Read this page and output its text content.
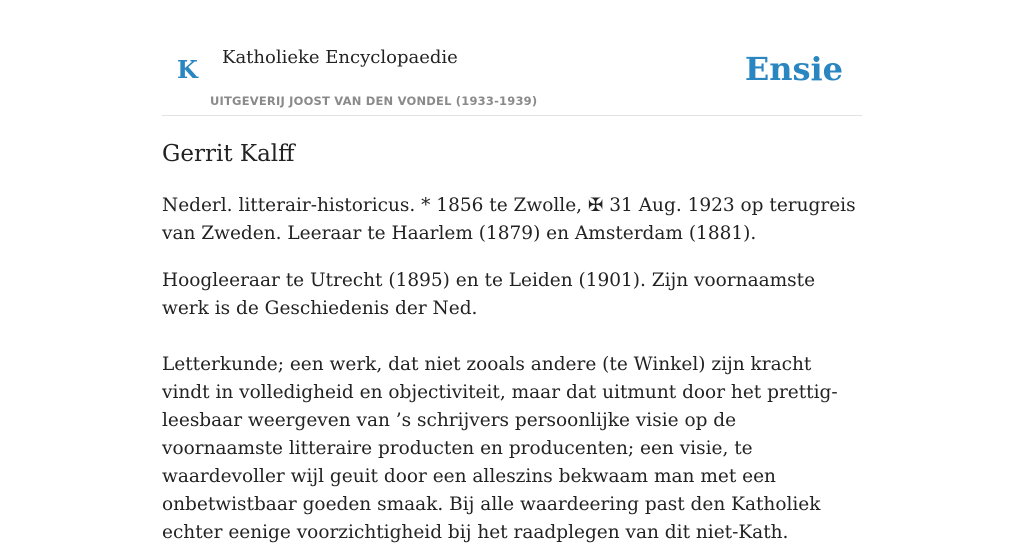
K Katholieke Encyclopaedie
UITGEVERIJ JOOST VAN DEN VONDEL (1933-1939)
Ensie
Gerrit Kalff

Nederl. litterair-historicus. * 1856 te Zwolle, ✠ 31 Aug. 1923 op terugreis van Zweden. Leeraar te Haarlem (1879) en Amsterdam (1881).

Hoogleeraar te Utrecht (1895) en te Leiden (1901). Zijn voornaamste werk is de Geschiedenis der Ned.

Letterkunde; een werk, dat niet zooals andere (te Winkel) zijn kracht vindt in volledigheid en objectiviteit, maar dat uitmunt door het prettig-leesbaar weergeven van ’s schrijvers persoonlijke visie op de voornaamste litteraire producten en producenten; een visie, te waardevoller wijl geuit door een alleszins bekwaam man met een onbetwistbaar goeden smaak. Bij alle waardeering past den Katholiek echter eenige voorzichtigheid bij het raadplegen van dit niet-Kath.
